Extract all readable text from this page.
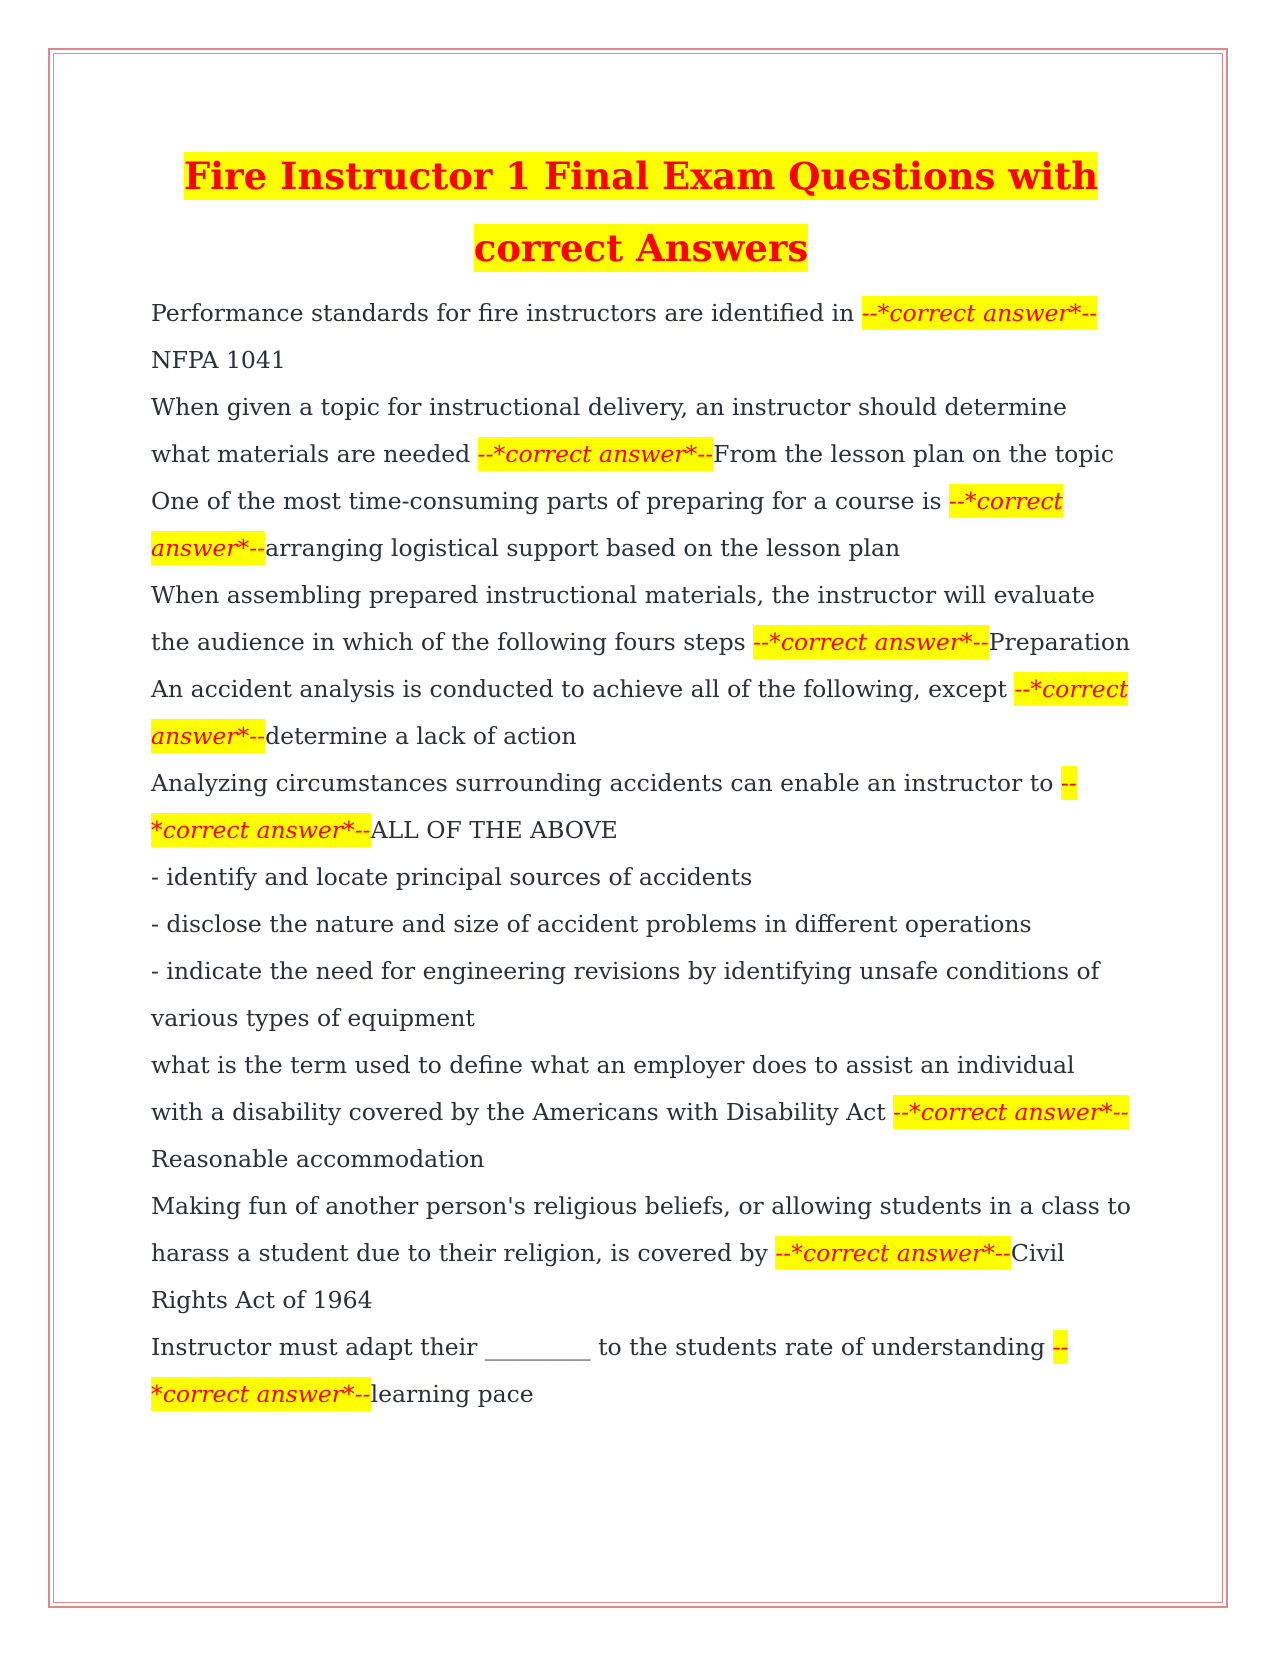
Fire Instructor 1 Final Exam Questions with correct Answers

Performance standards for fire instructors are identified in --*correct answer*--NFPA 1041

When given a topic for instructional delivery, an instructor should determine what materials are needed --*correct answer*--From the lesson plan on the topic

One of the most time-consuming parts of preparing for a course is --*correct answer*--arranging logistical support based on the lesson plan

When assembling prepared instructional materials, the instructor will evaluate the audience in which of the following fours steps --*correct answer*--Preparation

An accident analysis is conducted to achieve all of the following, except --*correct answer*--determine a lack of action

Analyzing circumstances surrounding accidents can enable an instructor to --*correct answer*--ALL OF THE ABOVE

- identify and locate principal sources of accidents

- disclose the nature and size of accident problems in different operations

- indicate the need for engineering revisions by identifying unsafe conditions of various types of equipment

what is the term used to define what an employer does to assist an individual with a disability covered by the Americans with Disability Act --*correct answer*--Reasonable accommodation

Making fun of another person's religious beliefs, or allowing students in a class to harass a student due to their religion, is covered by --*correct answer*--Civil Rights Act of 1964

Instructor must adapt their _________ to the students rate of understanding --*correct answer*--learning pace
